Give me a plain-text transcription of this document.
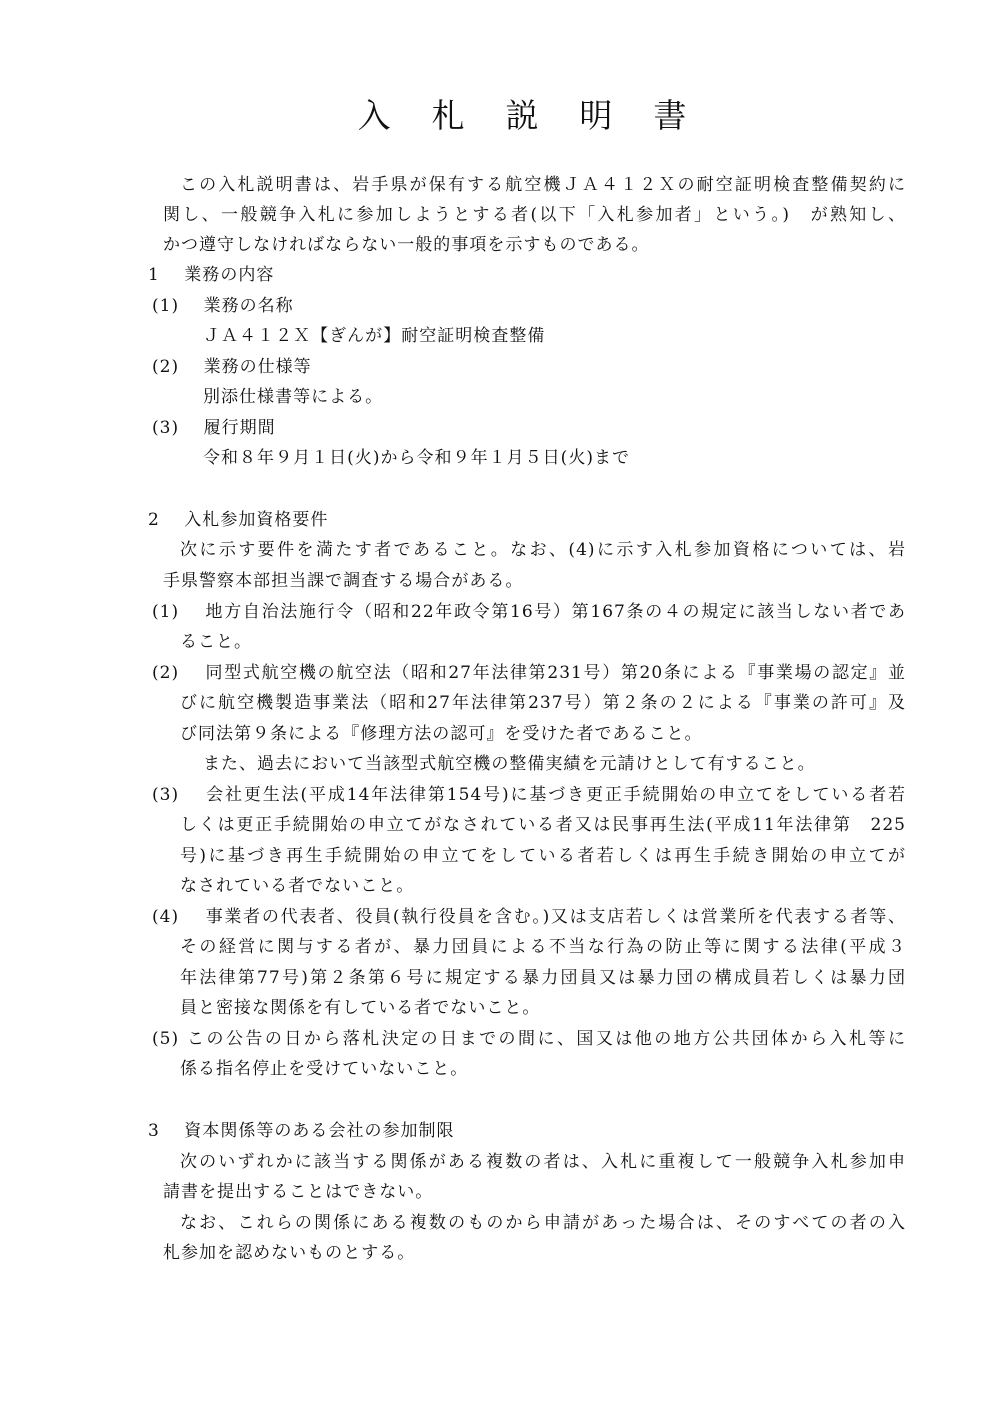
入　札　説　明　書
この入札説明書は、岩手県が保有する航空機ＪＡ４１２Ｘの耐空証明検査整備契約に
関し、一般競争入札に参加しようとする者(以下「入札参加者」という。)　が熟知し、
かつ遵守しなければならない一般的事項を示すものである。
1　 業務の内容
(1)　 業務の名称
ＪＡ４１２Ｘ【ぎんが】耐空証明検査整備
(2)　 業務の仕様等
別添仕様書等による。
(3)　 履行期間
令和８年９月１日(火)から令和９年１月５日(火)まで
2　 入札参加資格要件
次に示す要件を満たす者であること。なお、(4)に示す入札参加資格については、岩
手県警察本部担当課で調査する場合がある。
(1)　 地方自治法施行令（昭和22年政令第16号）第167条の４の規定に該当しない者であ
ること。
(2)　 同型式航空機の航空法（昭和27年法律第231号）第20条による『事業場の認定』並
びに航空機製造事業法（昭和27年法律第237号）第２条の２による『事業の許可』及
び同法第９条による『修理方法の認可』を受けた者であること。
また、過去において当該型式航空機の整備実績を元請けとして有すること。
(3)　 会社更生法(平成14年法律第154号)に基づき更正手続開始の申立てをしている者若
しくは更正手続開始の申立てがなされている者又は民事再生法(平成11年法律第　225
号)に基づき再生手続開始の申立てをしている者若しくは再生手続き開始の申立てが
なされている者でないこと。
(4)　 事業者の代表者、役員(執行役員を含む。)又は支店若しくは営業所を代表する者等、
その経営に関与する者が、暴力団員による不当な行為の防止等に関する法律(平成３
年法律第77号)第２条第６号に規定する暴力団員又は暴力団の構成員若しくは暴力団
員と密接な関係を有している者でないこと。
(5) この公告の日から落札決定の日までの間に、国又は他の地方公共団体から入札等に
係る指名停止を受けていないこと。
3　 資本関係等のある会社の参加制限
次のいずれかに該当する関係がある複数の者は、入札に重複して一般競争入札参加申
請書を提出することはできない。
なお、これらの関係にある複数のものから申請があった場合は、そのすべての者の入
札参加を認めないものとする。
